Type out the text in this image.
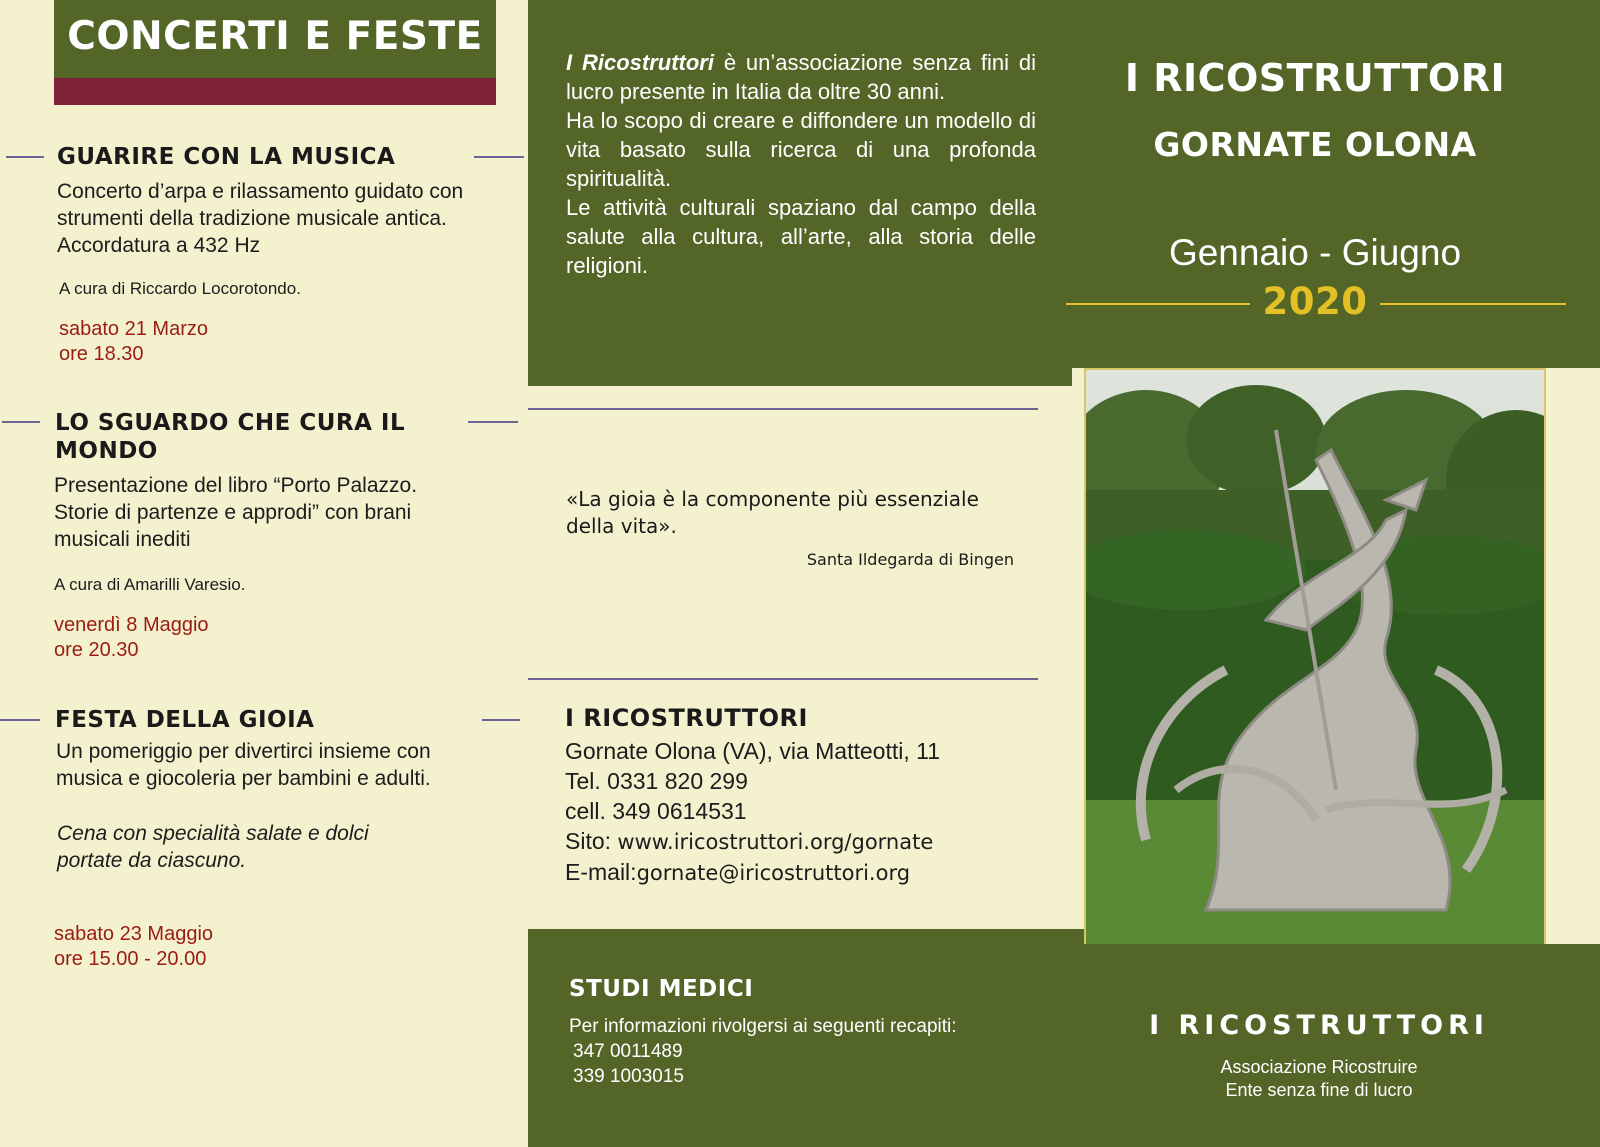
CONCERTI E FESTE
GUARIRE CON LA MUSICA
Concerto d’arpa e rilassamento guidato con strumenti della tradizione musicale antica. Accordatura a 432 Hz
A cura di Riccardo Locorotondo.
sabato 21 Marzo
ore 18.30
LO SGUARDO CHE CURA IL MONDO
Presentazione del libro “Porto Palazzo. Storie di partenze e approdi” con brani musicali inediti
A cura di Amarilli Varesio.
venerdì 8 Maggio
ore 20.30
FESTA DELLA GIOIA
Un pomeriggio per divertirci insieme con musica e giocoleria per bambini e adulti.
Cena con specialità salate e dolci portate da ciascuno.
sabato 23 Maggio
ore 15.00 - 20.00
I Ricostruttori è un’associazione senza fini di lucro presente in Italia da oltre 30 anni.
Ha lo scopo di creare e diffondere un modello di vita basato sulla ricerca di una profonda spiritualità.
Le attività culturali spaziano dal campo della salute alla cultura, all’arte, alla storia delle religioni.
«La gioia è la componente più essenziale della vita».
Santa Ildegarda di Bingen
I RICOSTRUTTORI
Gornate Olona (VA), via Matteotti, 11
Tel. 0331 820 299
cell. 349 0614531
Sito: www.iricostruttori.org/gornate
E-mail:gornate@iricostruttori.org
STUDI MEDICI
Per informazioni rivolgersi ai seguenti recapiti:
347 0011489
339 1003015
I RICOSTRUTTORI
GORNATE OLONA
Gennaio - Giugno
2020
I RICOSTRUTTORI
Associazione Ricostruire
Ente senza fine di lucro
